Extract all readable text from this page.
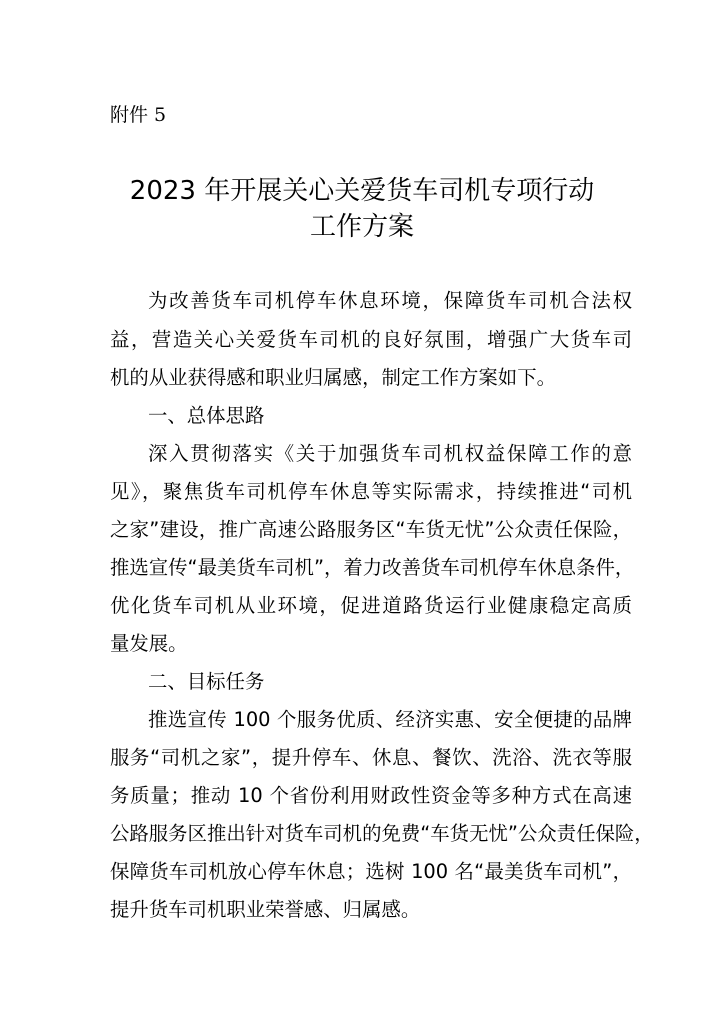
附件 5
2023 年开展关心关爱货车司机专项行动
工作方案
为改善货车司机停车休息环境，保障货车司机合法权
益，营造关心关爱货车司机的良好氛围，增强广大货车司
机的从业获得感和职业归属感，制定工作方案如下。
一、总体思路
深入贯彻落实《关于加强货车司机权益保障工作的意
见》，聚焦货车司机停车休息等实际需求，持续推进“司机
之家”建设，推广高速公路服务区“车货无忧”公众责任保险，
推选宣传“最美货车司机”，着力改善货车司机停车休息条件，
优化货车司机从业环境，促进道路货运行业健康稳定高质
量发展。
二、目标任务
推选宣传 100 个服务优质、经济实惠、安全便捷的品牌
服务“司机之家”，提升停车、休息、餐饮、洗浴、洗衣等服
务质量；推动 10 个省份利用财政性资金等多种方式在高速
公路服务区推出针对货车司机的免费“车货无忧”公众责任保险，
保障货车司机放心停车休息；选树 100 名“最美货车司机”，
提升货车司机职业荣誉感、归属感。
